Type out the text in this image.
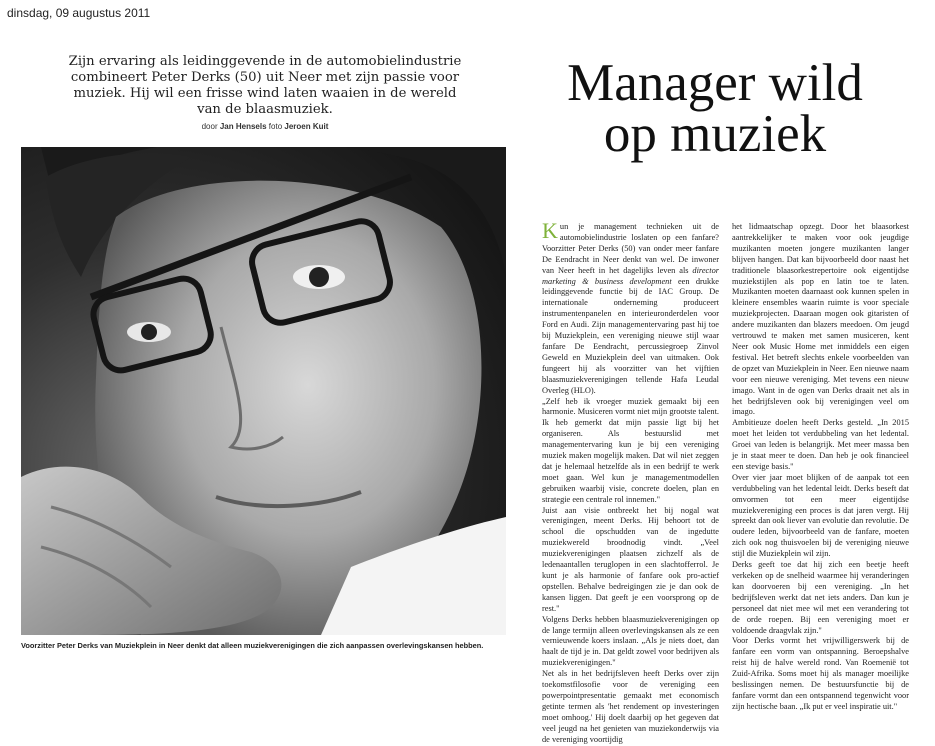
dinsdag, 09 augustus 2011
Zijn ervaring als leidinggevende in de automobielindustrie combineert Peter Derks (50) uit Neer met zijn passie voor muziek. Hij wil een frisse wind laten waaien in de wereld van de blaasmuziek.
door Jan Hensels foto Jeroen Kuit
Manager wild op muziek
Voorzitter Peter Derks van Muziekplein in Neer denkt dat alleen muziekverenigingen die zich aanpassen overlevingskansen hebben.

Kun je management technieken uit de automobielindustrie loslaten op een fanfare? Voorzitter Peter Derks (50) van onder meer fanfare De Eendracht in Neer denkt van wel. De inwoner van Neer heeft in het dagelijks leven als director marketing & business development een drukke leidinggevende functie bij de IAC Group. De internationale onderneming produceert instrumentenpanelen en interieuronderdelen voor Ford en Audi. Zijn managementervaring past hij toe bij Muziekplein, een vereniging nieuwe stijl waar fanfare De Eendracht, percussiegroep Zinvol Geweld en Muziekplein deel van uitmaken. Ook fungeert hij als voorzitter van het vijftien blaasmuziekverenigingen tellende Hafa Leudal Overleg (HLO).

„Zelf heb ik vroeger muziek gemaakt bij een harmonie. Musiceren vormt niet mijn grootste talent. Ik heb gemerkt dat mijn passie ligt bij het organiseren. Als bestuurslid met managementervaring kun je bij een vereniging muziek maken mogelijk maken. Dat wil niet zeggen dat je helemaal hetzelfde als in een bedrijf te werk moet gaan. Wel kun je managementmodellen gebruiken waarbij visie, concrete doelen, plan en strategie een centrale rol innemen."

Juist aan visie ontbreekt het bij nogal wat verenigingen, meent Derks. Hij behoort tot de school die opschudden van de ingedutte muziekwereld broodnodig vindt. „Veel muziekverenigingen plaatsen zichzelf als de ledenaantallen teruglopen in een slachtofferrol. Je kunt je als harmonie of fanfare ook pro-actief opstellen. Behalve bedreigingen zie je dan ook de kansen liggen. Dat geeft je een voorsprong op de rest."

Volgens Derks hebben blaasmuziekverenigingen op de lange termijn alleen overlevingskansen als ze een vernieuwende koers inslaan. „Als je niets doet, dan haalt de tijd je in. Dat geldt zowel voor bedrijven als muziekverenigingen."

Net als in het bedrijfsleven heeft Derks over zijn toekomstfilosofie voor de vereniging een powerpointpresentatie gemaakt met economisch getinte termen als 'het rendement op investeringen moet omhoog.' Hij doelt daarbij op het gegeven dat veel jeugd na het genieten van muziekonderwijs via de vereniging voortijdig

het lidmaatschap opzegt. Door het blaasorkest aantrekkelijker te maken voor ook jeugdige muzikanten moeten jongere muzikanten langer blijven hangen. Dat kan bijvoorbeeld door naast het traditionele blaasorkestrepertoire ook eigentijdse muziekstijlen als pop en latin toe te laten. Muzikanten moeten daarnaast ook kunnen spelen in kleinere ensembles waarin ruimte is voor speciale muziekprojecten. Daaraan mogen ook gitaristen of andere muzikanten dan blazers meedoen. Om jeugd vertrouwd te maken met samen musiceren, kent Neer ook Music Home met inmiddels een eigen festival. Het betreft slechts enkele voorbeelden van de opzet van Muziekplein in Neer. Een nieuwe naam voor een nieuwe vereniging. Met tevens een nieuw imago. Want in de ogen van Derks draait net als in het bedrijfsleven ook bij verenigingen veel om imago.

Ambitieuze doelen heeft Derks gesteld. „In 2015 moet het leiden tot verdubbeling van het ledental. Groei van leden is belangrijk. Met meer massa ben je in staat meer te doen. Dan heb je ook financieel een stevige basis."

Over vier jaar moet blijken of de aanpak tot een verdubbeling van het ledental leidt. Derks beseft dat omvormen tot een meer eigentijdse muziekvereniging een proces is dat jaren vergt. Hij spreekt dan ook liever van evolutie dan revolutie. De oudere leden, bijvoorbeeld van de fanfare, moeten zich ook nog thuisvoelen bij de vereniging nieuwe stijl die Muziekplein wil zijn.

Derks geeft toe dat hij zich een beetje heeft verkeken op de snelheid waarmee hij veranderingen kan doorvoeren bij een vereniging. „In het bedrijfsleven werkt dat net iets anders. Dan kun je personeel dat niet mee wil met een verandering tot de orde roepen. Bij een vereniging moet er voldoende draagvlak zijn."

Voor Derks vormt het vrijwilligerswerk bij de fanfare een vorm van ontspanning. Beroepshalve reist hij de halve wereld rond. Van Roemenië tot Zuid-Afrika. Soms moet hij als manager moeilijke beslissingen nemen. De bestuursfunctie bij de fanfare vormt dan een ontspannend tegenwicht voor zijn hectische baan. „Ik put er veel inspiratie uit."
